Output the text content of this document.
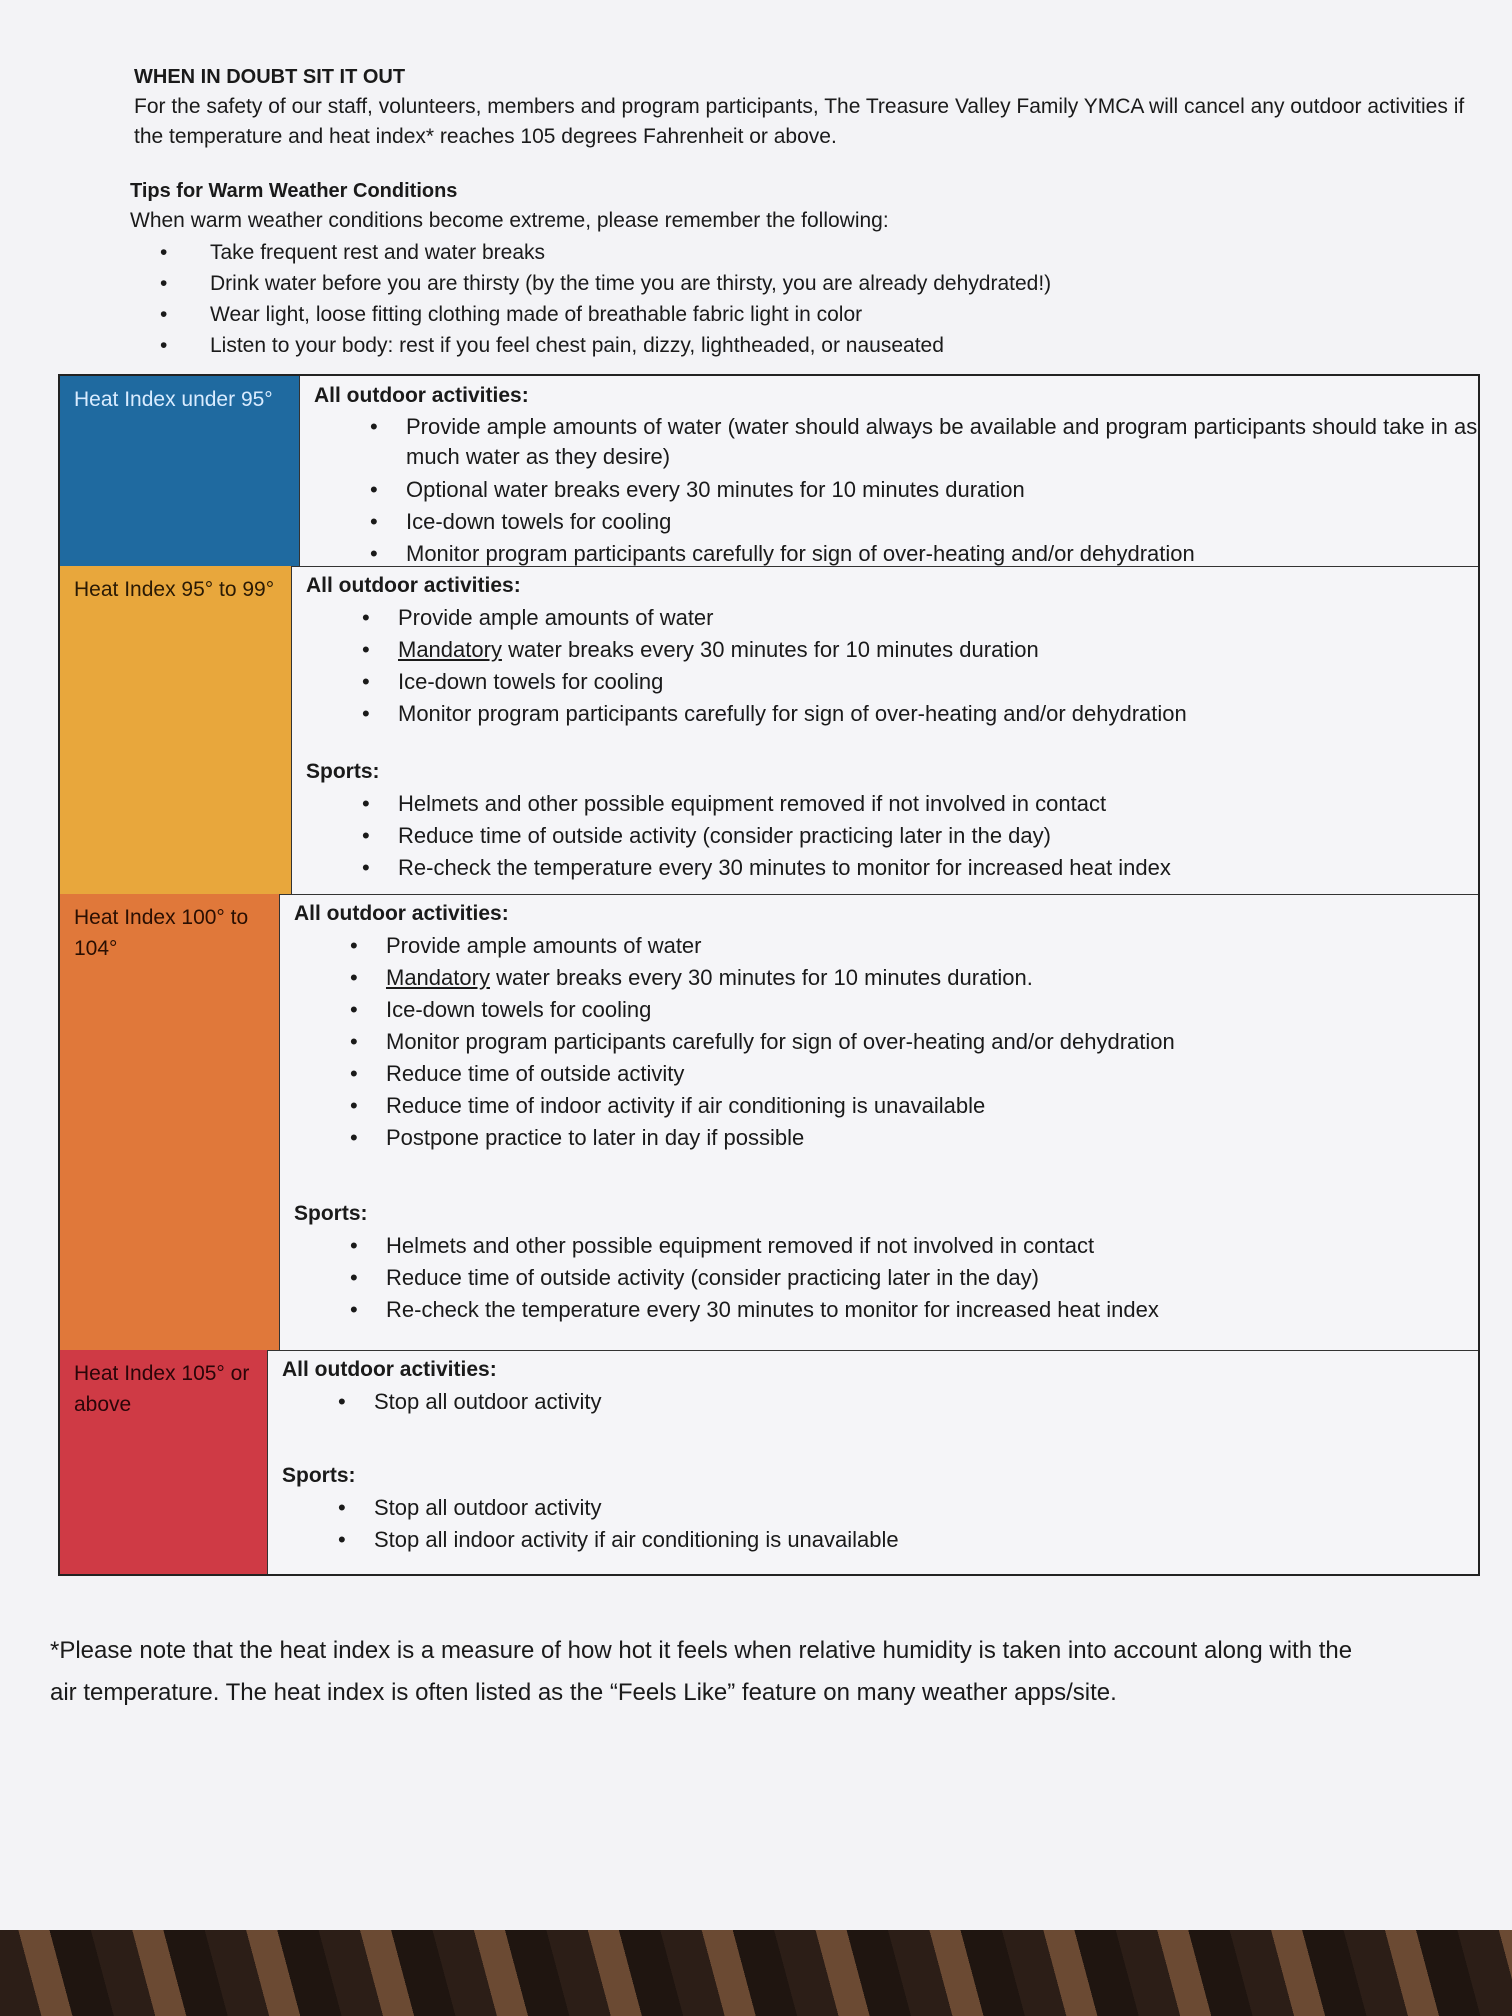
WHEN IN DOUBT SIT IT OUT
For the safety of our staff, volunteers, members and program participants, The Treasure Valley Family YMCA will cancel any outdoor activities if the temperature and heat index* reaches 105 degrees Fahrenheit or above.
Tips for Warm Weather Conditions
When warm weather conditions become extreme, please remember the following:
• Take frequent rest and water breaks
• Drink water before you are thirsty (by the time you are thirsty, you are already dehydrated!)
• Wear light, loose fitting clothing made of breathable fabric light in color
• Listen to your body: rest if you feel chest pain, dizzy, lightheaded, or nauseated
Heat Index under 95°	All outdoor activities:
• Provide ample amounts of water (water should always be available and program participants should take in as much water as they desire)
• Optional water breaks every 30 minutes for 10 minutes duration
• Ice-down towels for cooling
• Monitor program participants carefully for sign of over-heating and/or dehydration
Heat Index 95° to 99°	All outdoor activities:
• Provide ample amounts of water
• Mandatory water breaks every 30 minutes for 10 minutes duration
• Ice-down towels for cooling
• Monitor program participants carefully for sign of over-heating and/or dehydration
Sports:
• Helmets and other possible equipment removed if not involved in contact
• Reduce time of outside activity (consider practicing later in the day)
• Re-check the temperature every 30 minutes to monitor for increased heat index
Heat Index 100° to 104°
All outdoor activities:
• Provide ample amounts of water
• Mandatory water breaks every 30 minutes for 10 minutes duration.
• Ice-down towels for cooling
• Monitor program participants carefully for sign of over-heating and/or dehydration
• Reduce time of outside activity
• Reduce time of indoor activity if air conditioning is unavailable
• Postpone practice to later in day if possible
Sports:
• Helmets and other possible equipment removed if not involved in contact
• Reduce time of outside activity (consider practicing later in the day)
• Re-check the temperature every 30 minutes to monitor for increased heat index
Heat Index 105° or above
All outdoor activities:
• Stop all outdoor activity
Sports:
• Stop all outdoor activity
• Stop all indoor activity if air conditioning is unavailable
*Please note that the heat index is a measure of how hot it feels when relative humidity is taken into account along with the
air temperature. The heat index is often listed as the “Feels Like” feature on many weather apps/site.
